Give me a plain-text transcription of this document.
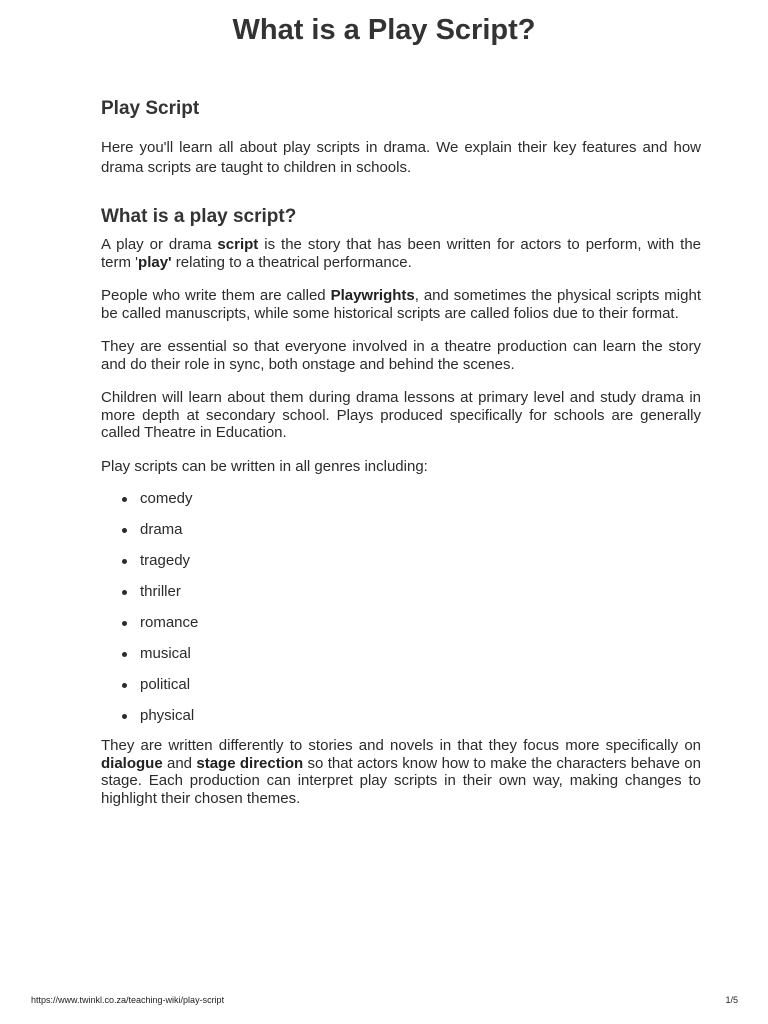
What is a Play Script?
Play Script

Here you'll learn all about play scripts in drama. We explain their key features and how drama scripts are taught to children in schools.

What is a play script?

A play or drama script is the story that has been written for actors to perform, with the term 'play' relating to a theatrical performance.

People who write them are called Playwrights, and sometimes the physical scripts might be called manuscripts, while some historical scripts are called folios due to their format.

They are essential so that everyone involved in a theatre production can learn the story and do their role in sync, both onstage and behind the scenes.

Children will learn about them during drama lessons at primary level and study drama in more depth at secondary school. Plays produced specifically for schools are generally called Theatre in Education.

Play scripts can be written in all genres including:

comedy
drama
tragedy
thriller
romance
musical
political
physical

They are written differently to stories and novels in that they focus more specifically on dialogue and stage direction so that actors know how to make the characters behave on stage. Each production can interpret play scripts in their own way, making changes to highlight their chosen themes.

https://www.twinkl.co.za/teaching-wiki/play-script	1/5
